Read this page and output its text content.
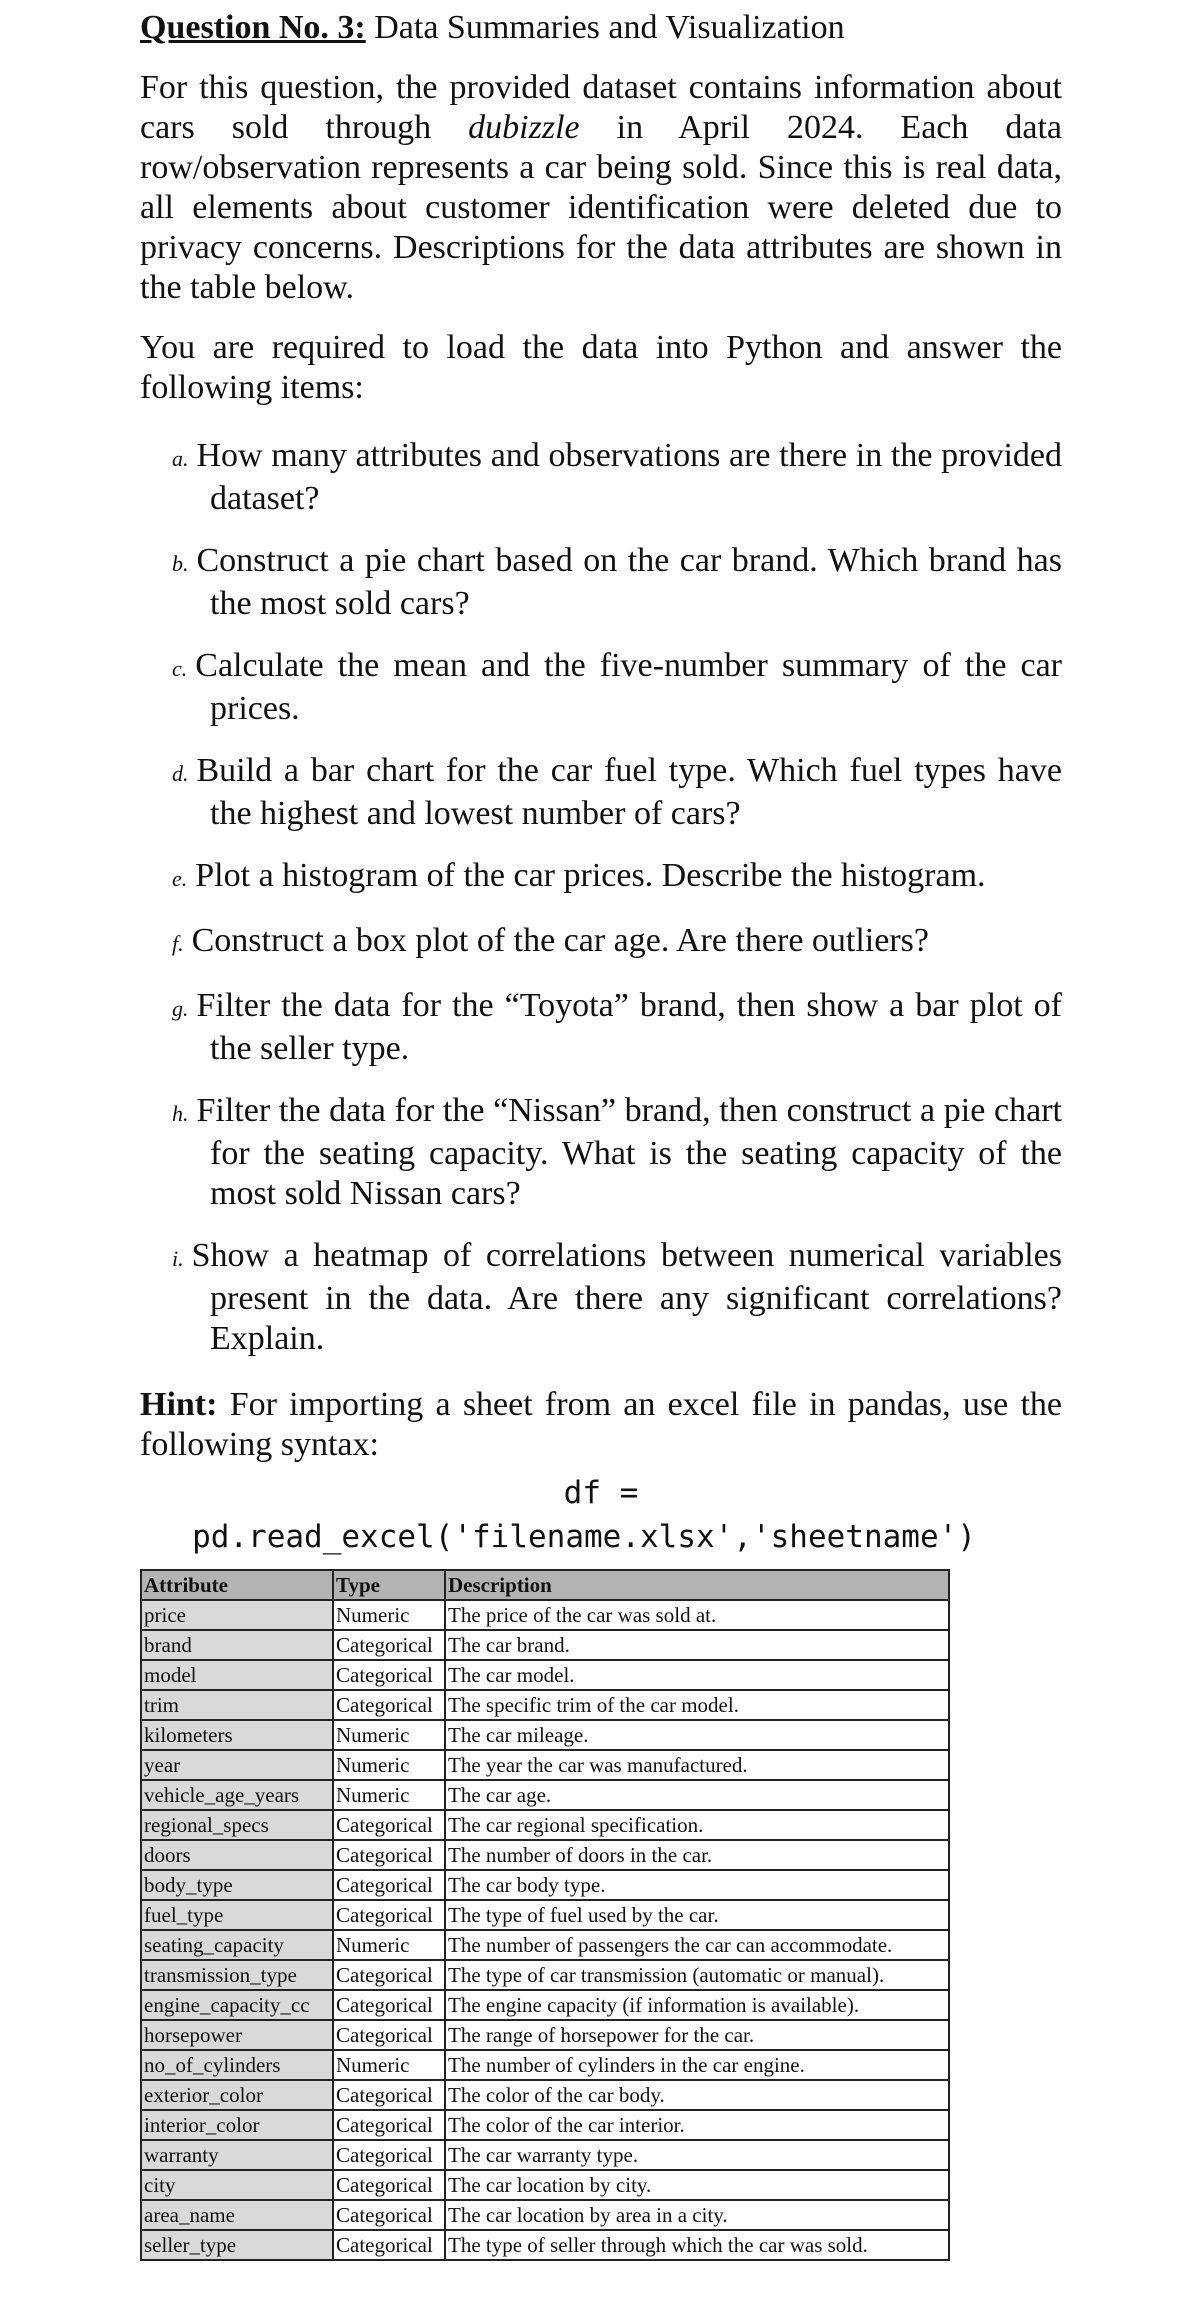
Question No. 3: Data Summaries and Visualization

For this question, the provided dataset contains information about cars sold through dubizzle in April 2024. Each data row/observation represents a car being sold. Since this is real data, all elements about customer identification were deleted due to privacy concerns. Descriptions for the data attributes are shown in the table below.

You are required to load the data into Python and answer the following items:

a. How many attributes and observations are there in the provided dataset?
b. Construct a pie chart based on the car brand. Which brand has the most sold cars?
c. Calculate the mean and the five-number summary of the car prices.
d. Build a bar chart for the car fuel type. Which fuel types have the highest and lowest number of cars?
e. Plot a histogram of the car prices. Describe the histogram.
f. Construct a box plot of the car age. Are there outliers?
g. Filter the data for the “Toyota” brand, then show a bar plot of the seller type.
h. Filter the data for the “Nissan” brand, then construct a pie chart for the seating capacity. What is the seating capacity of the most sold Nissan cars?
i. Show a heatmap of correlations between numerical variables present in the data. Are there any significant correlations? Explain.

Hint: For importing a sheet from an excel file in pandas, use the following syntax:

df =
pd.read_excel('filename.xlsx','sheetname')
Attribute	Type	Description
price	Numeric	The price of the car was sold at.
brand	Categorical	The car brand.
model	Categorical	The car model.
trim	Categorical	The specific trim of the car model.
kilometers	Numeric	The car mileage.
year	Numeric	The year the car was manufactured.
vehicle_age_years	Numeric	The car age.
regional_specs	Categorical	The car regional specification.
doors	Categorical	The number of doors in the car.
body_type	Categorical	The car body type.
fuel_type	Categorical	The type of fuel used by the car.
seating_capacity	Numeric	The number of passengers the car can accommodate.
transmission_type	Categorical	The type of car transmission (automatic or manual).
engine_capacity_cc	Categorical	The engine capacity (if information is available).
horsepower	Categorical	The range of horsepower for the car.
no_of_cylinders	Numeric	The number of cylinders in the car engine.
exterior_color	Categorical	The color of the car body.
interior_color	Categorical	The color of the car interior.
warranty	Categorical	The car warranty type.
city	Categorical	The car location by city.
area_name	Categorical	The car location by area in a city.
seller_type	Categorical	The type of seller through which the car was sold.
